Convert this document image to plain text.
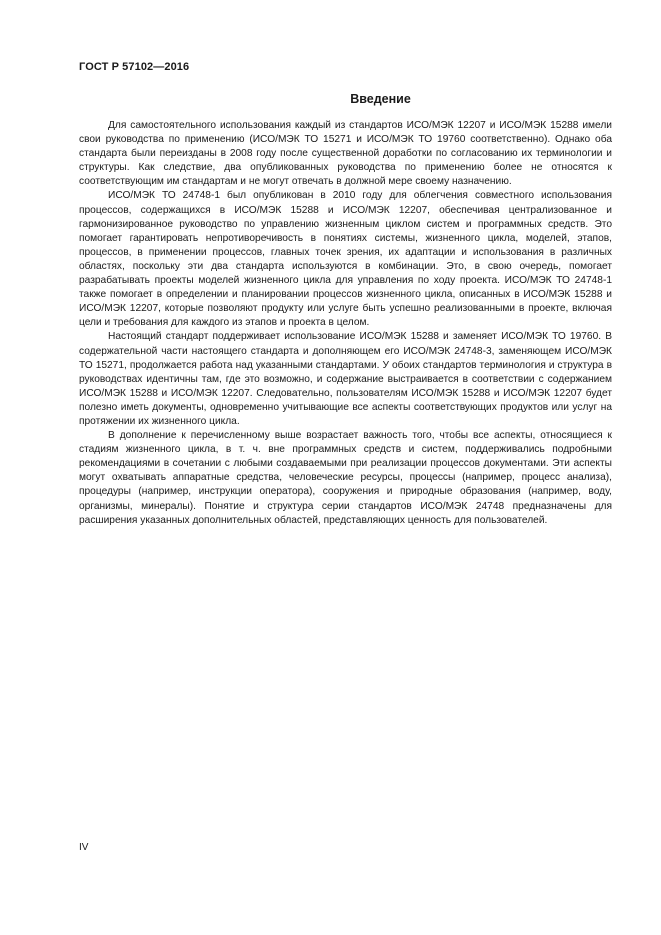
ГОСТ Р 57102—2016
Введение

Для самостоятельного использования каждый из стандартов ИСО/МЭК 12207 и ИСО/МЭК 15288 имели свои руководства по применению (ИСО/МЭК ТО 15271 и ИСО/МЭК ТО 19760 соответственно). Однако оба стандарта были переизданы в 2008 году после существенной доработки по согласованию их терминологии и структуры. Как следствие, два опубликованных руководства по применению более не относятся к соответствующим им стандартам и не могут отвечать в должной мере своему назначению.

ИСО/МЭК ТО 24748-1 был опубликован в 2010 году для облегчения совместного использования процессов, содержащихся в ИСО/МЭК 15288 и ИСО/МЭК 12207, обеспечивая централизованное и гармонизированное руководство по управлению жизненным циклом систем и программных средств. Это помогает гарантировать непротиворечивость в понятиях системы, жизненного цикла, моделей, этапов, процессов, в применении процессов, главных точек зрения, их адаптации и использования в различных областях, поскольку эти два стандарта используются в комбинации. Это, в свою очередь, помогает разрабатывать проекты моделей жизненного цикла для управления по ходу проекта. ИСО/МЭК ТО 24748-1 также помогает в определении и планировании процессов жизненного цикла, описанных в ИСО/МЭК 15288 и ИСО/МЭК 12207, которые позволяют продукту или услуге быть успешно реализованными в проекте, включая цели и требования для каждого из этапов и проекта в целом.

Настоящий стандарт поддерживает использование ИСО/МЭК 15288 и заменяет ИСО/МЭК ТО 19760. В содержательной части настоящего стандарта и дополняющем его ИСО/МЭК 24748-3, заменяющем ИСО/МЭК ТО 15271, продолжается работа над указанными стандартами. У обоих стандартов терминология и структура в руководствах идентичны там, где это возможно, и содержание выстраивается в соответствии с содержанием ИСО/МЭК 15288 и ИСО/МЭК 12207. Следовательно, пользователям ИСО/МЭК 15288 и ИСО/МЭК 12207 будет полезно иметь документы, одновременно учитывающие все аспекты соответствующих продуктов или услуг на протяжении их жизненного цикла.

В дополнение к перечисленному выше возрастает важность того, чтобы все аспекты, относящиеся к стадиям жизненного цикла, в т. ч. вне программных средств и систем, поддерживались подробными рекомендациями в сочетании с любыми создаваемыми при реализации процессов документами. Эти аспекты могут охватывать аппаратные средства, человеческие ресурсы, процессы (например, процесс анализа), процедуры (например, инструкции оператора), сооружения и природные образования (например, воду, организмы, минералы). Понятие и структура серии стандартов ИСО/МЭК 24748 предназначены для расширения указанных дополнительных областей, представляющих ценность для пользователей.

IV
